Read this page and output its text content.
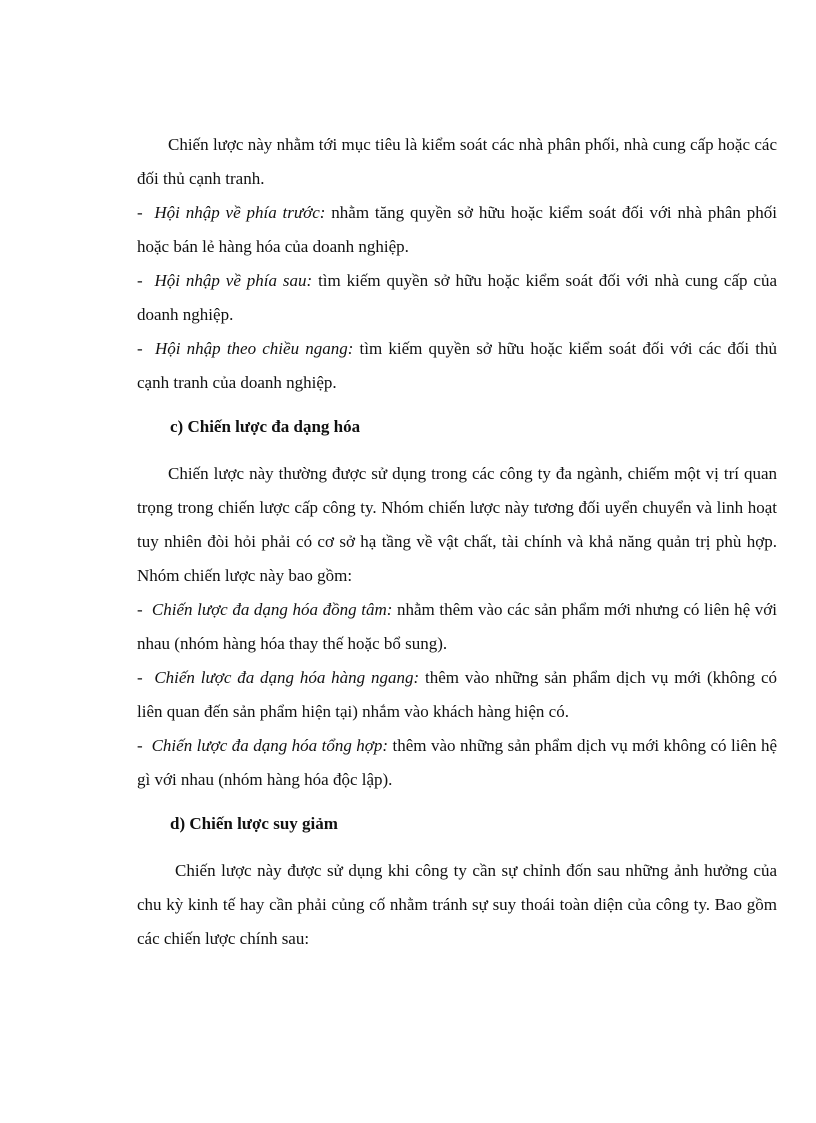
Chiến lược này nhằm tới mục tiêu là kiểm soát các nhà phân phối, nhà cung cấp hoặc các đối thủ cạnh tranh.

- Hội nhập về phía trước: nhằm tăng quyền sở hữu hoặc kiểm soát đối với nhà phân phối hoặc bán lẻ hàng hóa của doanh nghiệp.

- Hội nhập về phía sau: tìm kiếm quyền sở hữu hoặc kiểm soát đối với nhà cung cấp của doanh nghiệp.

- Hội nhập theo chiều ngang: tìm kiếm quyền sở hữu hoặc kiểm soát đối với các đối thủ cạnh tranh của doanh nghiệp.

c) Chiến lược đa dạng hóa

Chiến lược này thường được sử dụng trong các công ty đa ngành, chiếm một vị trí quan trọng trong chiến lược cấp công ty. Nhóm chiến lược này tương đối uyển chuyển và linh hoạt tuy nhiên đòi hỏi phải có cơ sở hạ tầng về vật chất, tài chính và khả năng quản trị phù hợp. Nhóm chiến lược này bao gồm:

- Chiến lược đa dạng hóa đồng tâm: nhằm thêm vào các sản phẩm mới nhưng có liên hệ với nhau (nhóm hàng hóa thay thế hoặc bổ sung).

- Chiến lược đa dạng hóa hàng ngang: thêm vào những sản phẩm dịch vụ mới (không có liên quan đến sản phẩm hiện tại) nhắm vào khách hàng hiện có.

- Chiến lược đa dạng hóa tổng hợp: thêm vào những sản phẩm dịch vụ mới không có liên hệ gì với nhau (nhóm hàng hóa độc lập).

d) Chiến lược suy giảm

Chiến lược này được sử dụng khi công ty cần sự chỉnh đốn sau những ảnh hưởng của chu kỳ kinh tế hay cần phải củng cố nhằm tránh sự suy thoái toàn diện của công ty. Bao gồm các chiến lược chính sau:
